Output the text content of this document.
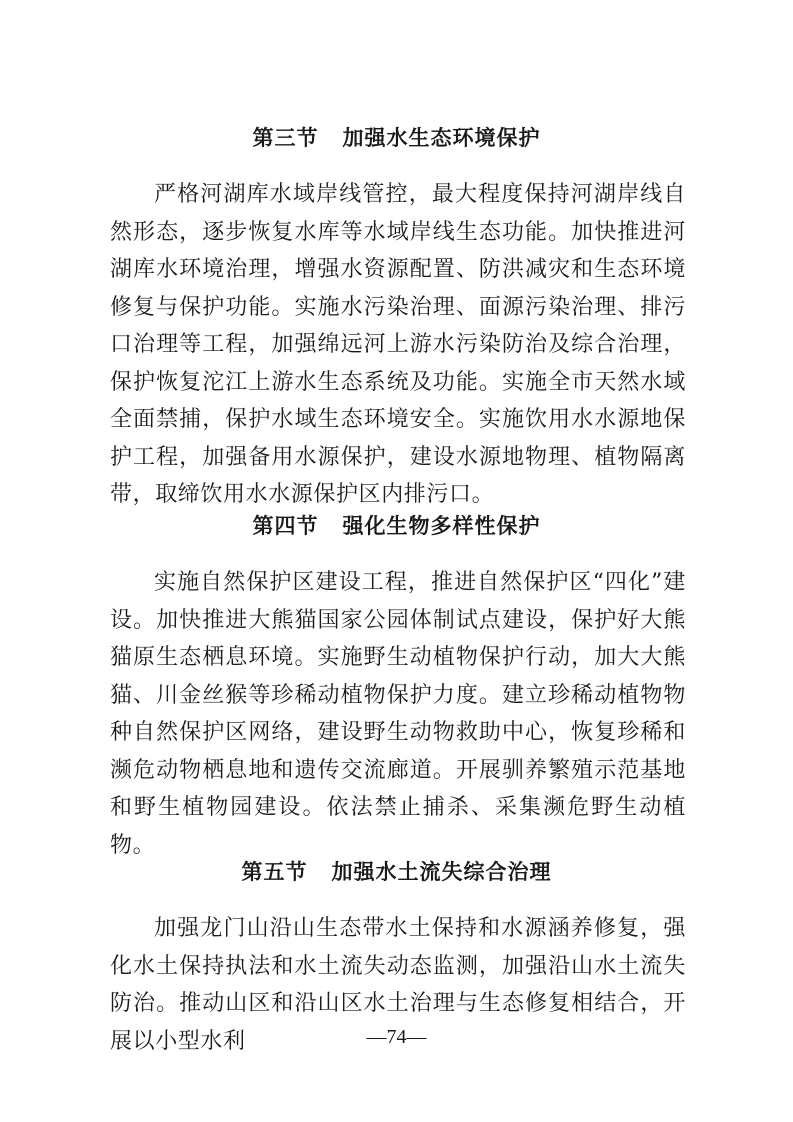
第三节 加强水生态环境保护

严格河湖库水域岸线管控，最大程度保持河湖岸线自然形态，逐步恢复水库等水域岸线生态功能。加快推进河湖库水环境治理，增强水资源配置、防洪减灾和生态环境修复与保护功能。实施水污染治理、面源污染治理、排污口治理等工程，加强绵远河上游水污染防治及综合治理，保护恢复沱江上游水生态系统及功能。实施全市天然水域全面禁捕，保护水域生态环境安全。实施饮用水水源地保护工程，加强备用水源保护，建设水源地物理、植物隔离带，取缔饮用水水源保护区内排污口。

第四节 强化生物多样性保护

实施自然保护区建设工程，推进自然保护区“四化”建设。加快推进大熊猫国家公园体制试点建设，保护好大熊猫原生态栖息环境。实施野生动植物保护行动，加大大熊猫、川金丝猴等珍稀动植物保护力度。建立珍稀动植物物种自然保护区网络，建设野生动物救助中心，恢复珍稀和濒危动物栖息地和遗传交流廊道。开展驯养繁殖示范基地和野生植物园建设。依法禁止捕杀、采集濒危野生动植物。

第五节 加强水土流失综合治理

加强龙门山沿山生态带水土保持和水源涵养修复，强化水土保持执法和水土流失动态监测，加强沿山水土流失防治。推动山区和沿山区水土治理与生态修复相结合，开展以小型水利	—74—
